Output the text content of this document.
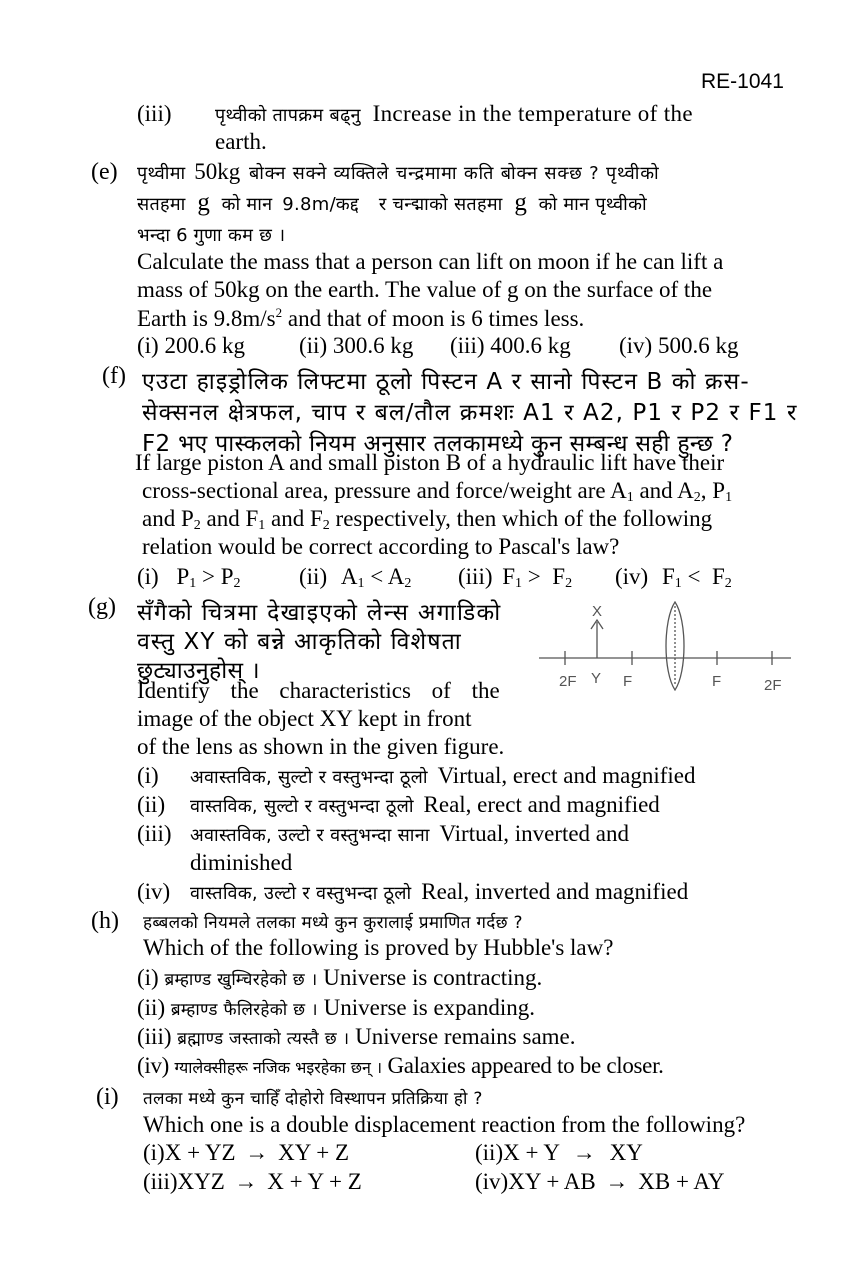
RE-1041
(iii) पृथ्वीको तापक्रम बढ्नु Increase in the temperature of the
earth.
(e) पृथ्वीमा 50kg बोक्न सक्ने व्यक्तिले चन्द्रमामा कति बोक्न सक्छ ? पृथ्वीको
सतहमा g को मान 9.8m/कद्द र चन्द्माको सतहमा g को मान पृथ्वीको
भन्दा 6 गुणा कम छ ।
Calculate the mass that a person can lift on moon if he can lift a
mass of 50kg on the earth. The value of g on the surface of the
Earth is $9.8m/s^2$ and that of moon is 6 times less.
(i) 200.6 kg (ii) 300.6 kg (iii) 400.6 kg (iv) 500.6 kg
(f) एउटा हाइड्रोलिक लिफ्टमा ठूलो पिस्टन A र सानो पिस्टन B को क्रस-
सेक्सनल क्षेत्रफल, चाप र बल/तौल क्रमशः A1 र A2, P1 र P2 र F1 र
F2 भए पास्कलको नियम अनुसार तलकामध्ये कुन सम्बन्ध सही हुन्छ ?
If large piston A and small piston B of a hydraulic lift have their
cross-sectional area, pressure and force/weight are $A_1$ and $A_2$, $P_1$
and $P_2$ and $F_1$ and $F_2$ respectively, then which of the following
relation would be correct according to Pascal's law?
(i) $P_1 > P_2$	(ii) $A_1 < A_2$ (iii) $F_1 > F_2$ (iv) $F_1 < F_2$
(g) सँगैको चित्रमा देखाइएको लेन्स अगाडिको
वस्तु XY को बन्ने आकृतिको विशेषता
छुट्याउनुहोस् ।
Identify the characteristics of the
image of the object XY kept in front
of the lens as shown in the given figure.
X
Y
2F	F	F	2F
(i) अवास्तविक, सुल्टो र वस्तुभन्दा ठूलो Virtual, erect and magnified
(ii) वास्तविक, सुल्टो र वस्तुभन्दा ठूलो Real, erect and magnified
(iii) अवास्तविक, उल्टो र वस्तुभन्दा साना Virtual, inverted and
diminished
(iv) वास्तविक, उल्टो र वस्तुभन्दा ठूलो Real, inverted and magnified
(h) हब्बलको नियमले तलका मध्ये कुन कुरालाई प्रमाणित गर्दछ ?
Which of the following is proved by Hubble's law?
(i) ब्रम्हाण्ड खुम्चिरहेको छ । Universe is contracting.
(ii) ब्रम्हाण्ड फैलिरहेको छ । Universe is expanding.
(iii) ब्रह्माण्ड जस्ताको त्यस्तै छ । Universe remains same.
(iv) ग्यालेक्सीहरू नजिक भइरहेका छन् । Galaxies appeared to be closer.
(i) तलका मध्ये कुन चाहिँ दोहोरो विस्थापन प्रतिक्रिया हो ?
Which one is a double displacement reaction from the following?
(i)X + YZ → XY + Z	(ii)X + Y → XY
(iii)XYZ → X + Y + Z	(iv)XY + AB → XB + AY
